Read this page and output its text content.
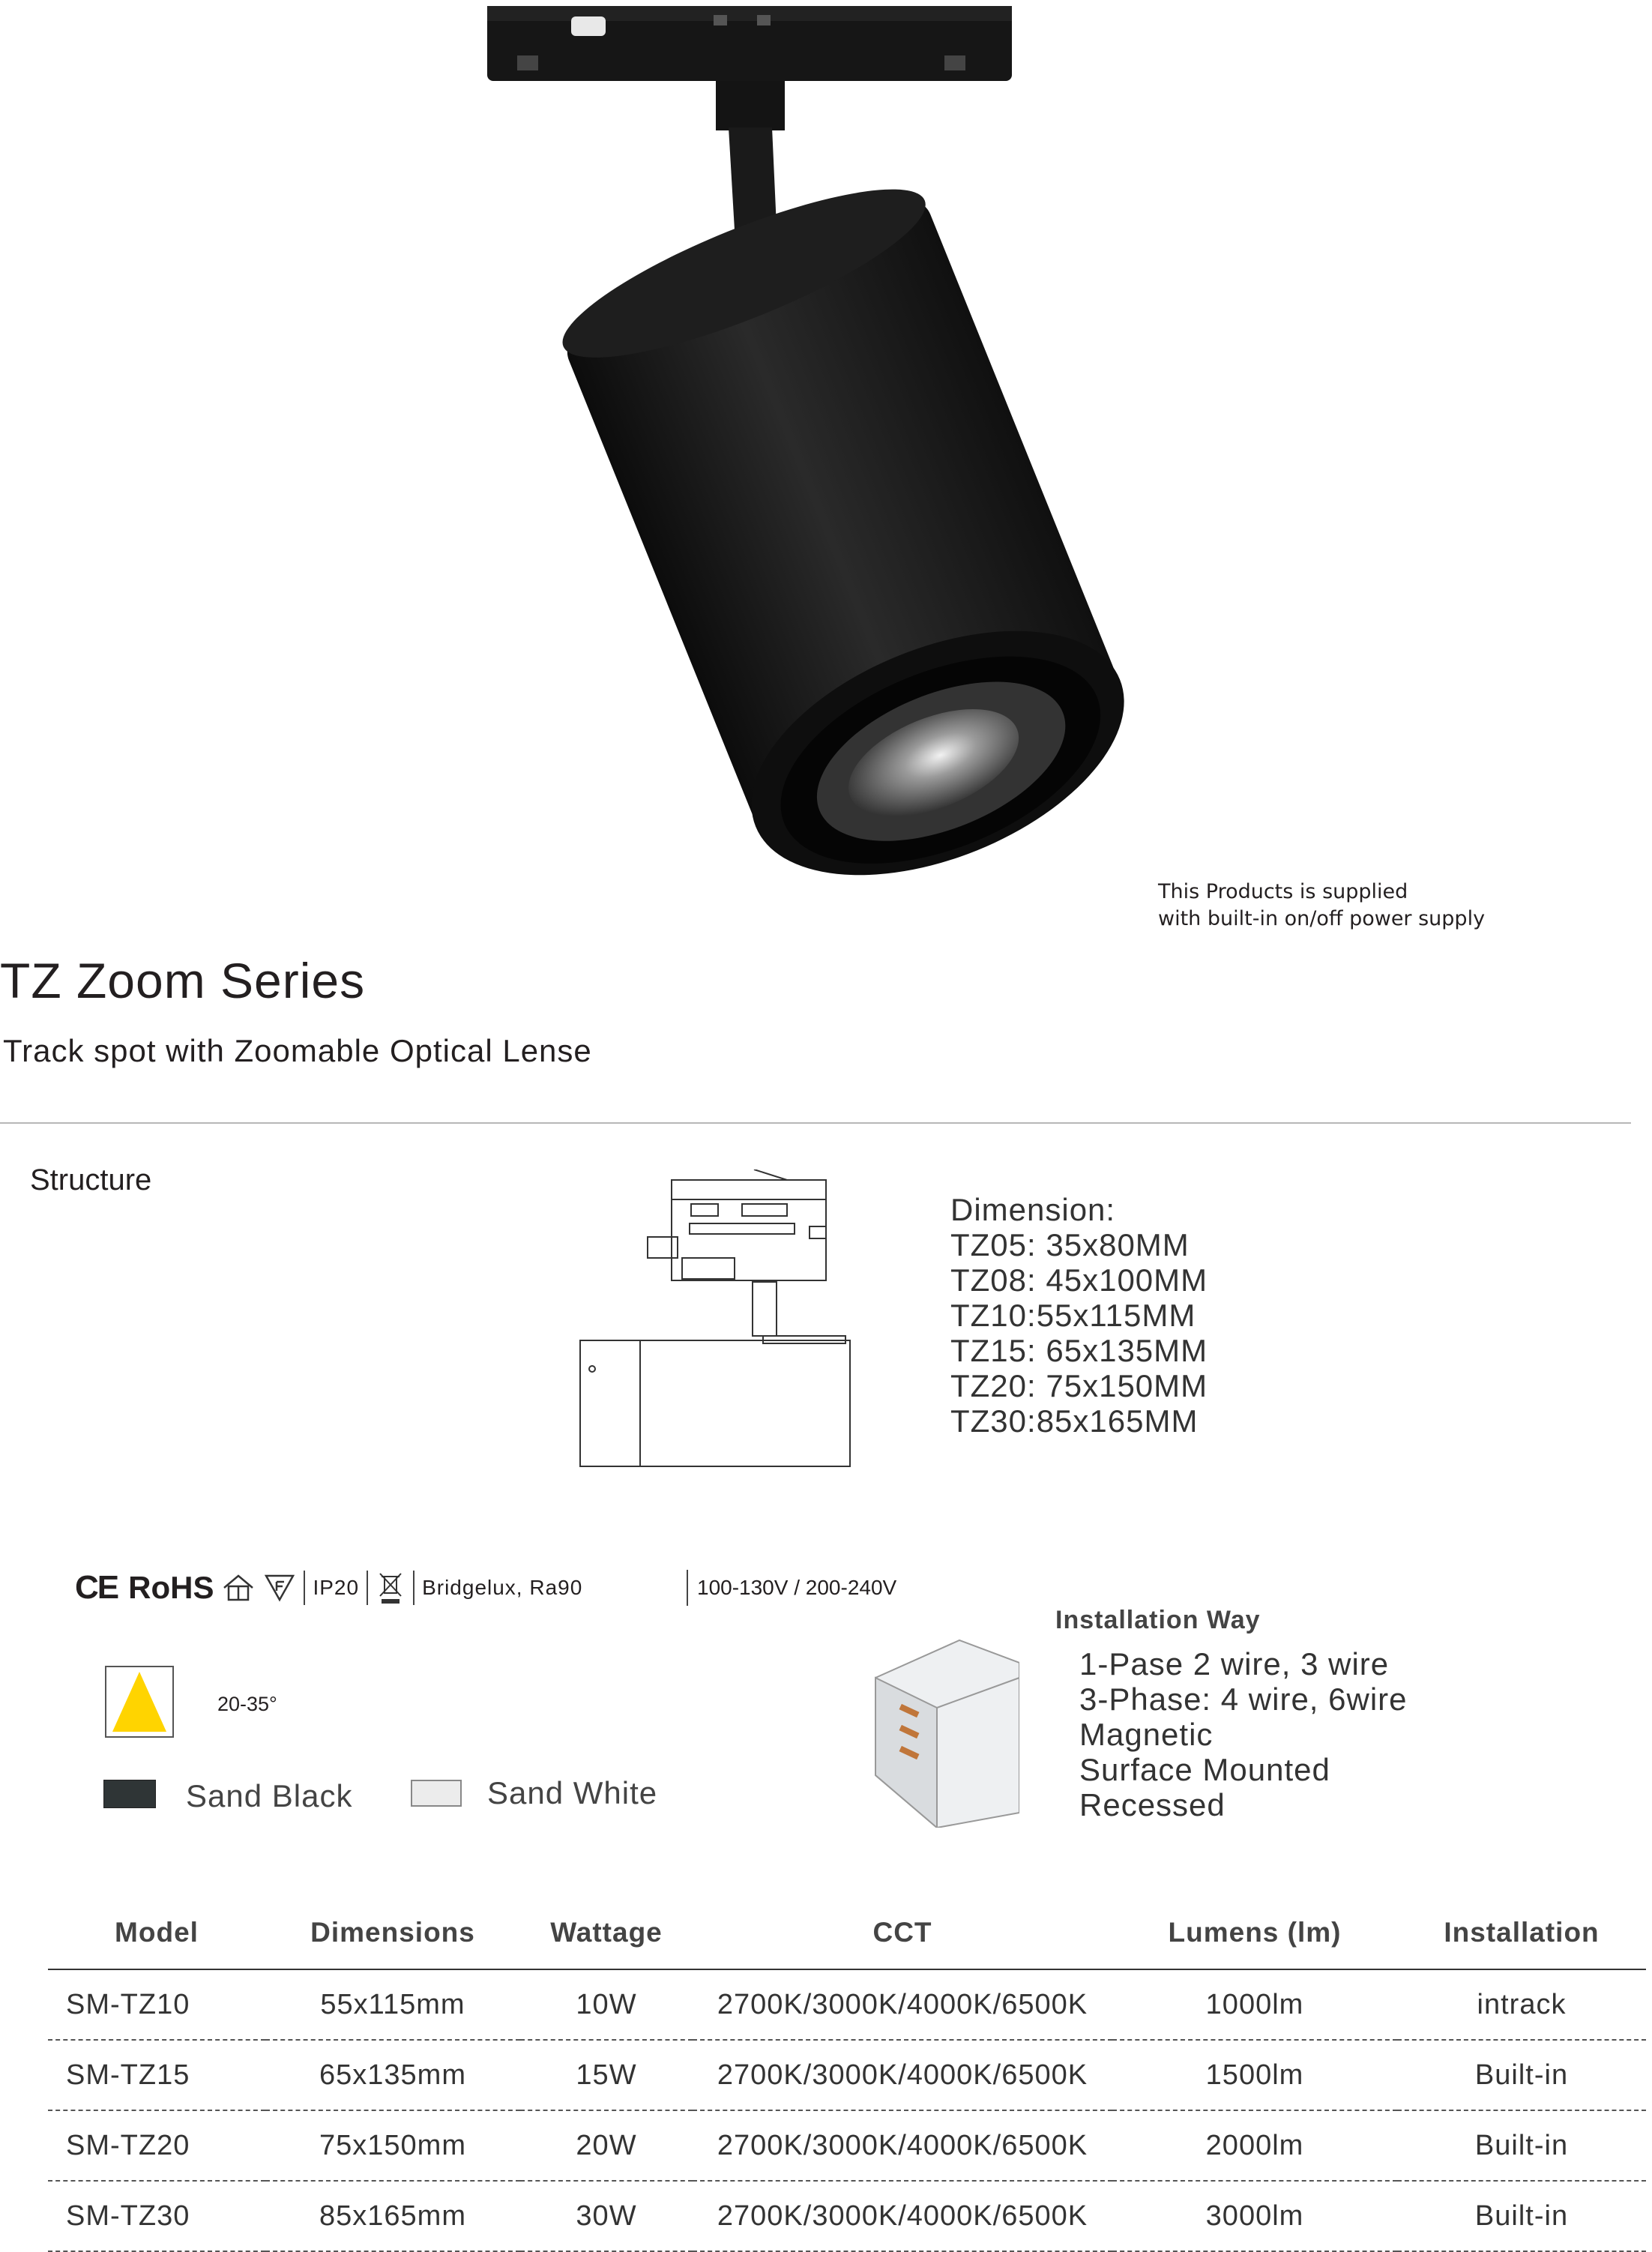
This Products is supplied
with built-in on/off power supply
TZ Zoom Series
Track spot with Zoomable Optical Lense
Structure
Dimension:
TZ05: 35x80MM
TZ08: 45x100MM
TZ10:55x115MM
TZ15: 65x135MM
TZ20: 75x150MM
TZ30:85x165MM
CE RoHS	IP20	Bridgelux, Ra90	100-130V / 200-240V
20-35°
Sand Black	Sand White
Installation Way
1-Pase 2 wire, 3 wire
3-Phase: 4 wire, 6wire
Magnetic
Surface Mounted
Recessed
Model	Dimensions	Wattage	CCT	Lumens (lm)	Installation
SM-TZ10	55x115mm	10W	2700K/3000K/4000K/6500K	1000lm	intrack
SM-TZ15	65x135mm	15W	2700K/3000K/4000K/6500K	1500lm	Built-in
SM-TZ20	75x150mm	20W	2700K/3000K/4000K/6500K	2000lm	Built-in
SM-TZ30	85x165mm	30W	2700K/3000K/4000K/6500K	3000lm	Built-in
